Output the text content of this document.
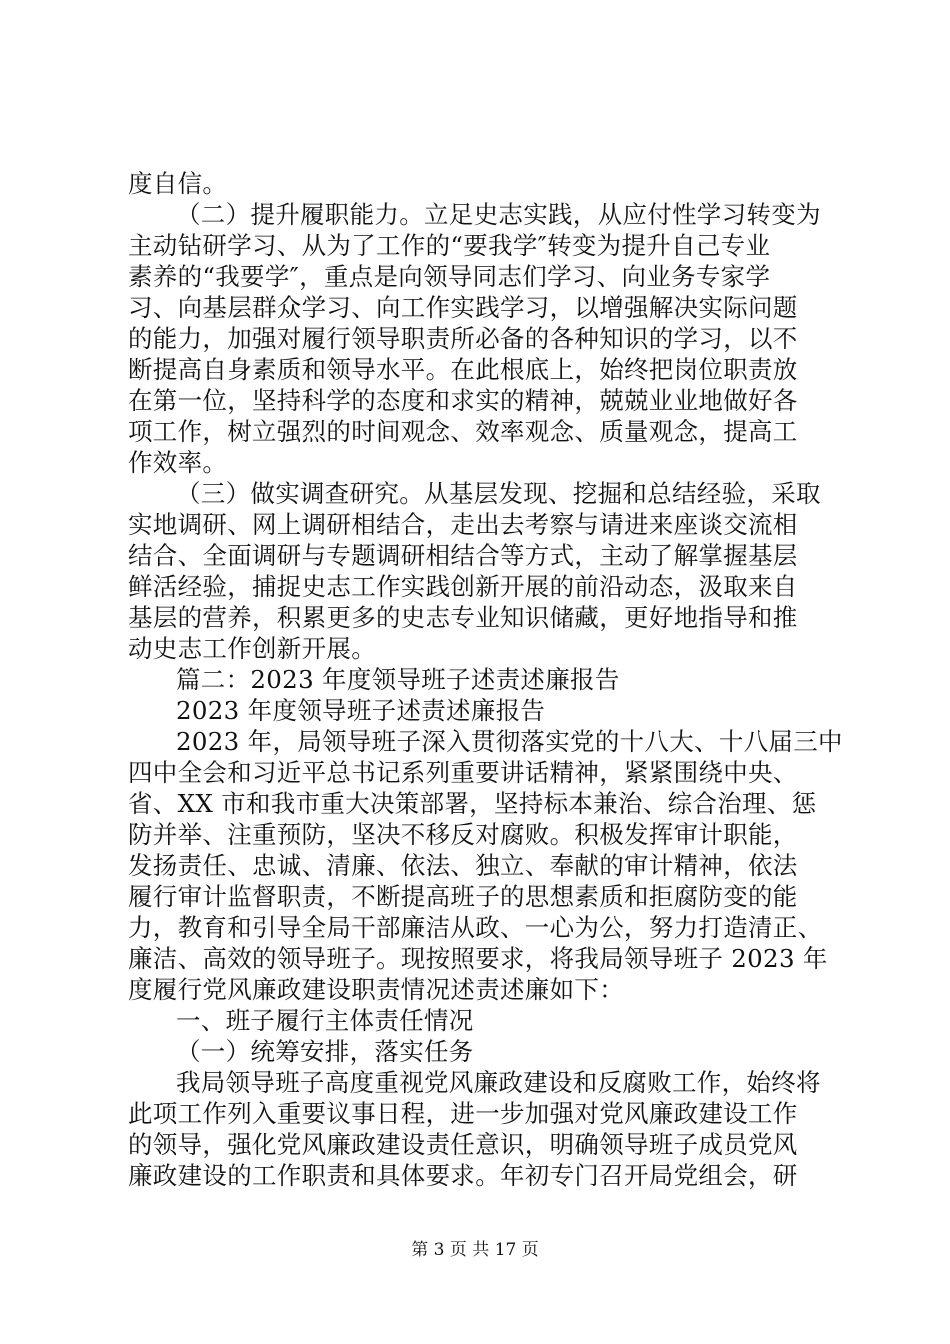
度自信。
（二）提升履职能力。立足史志实践，从应付性学习转变为
主动钻研学习、从为了工作的“要我学″转变为提升自己专业
素养的“我要学″，重点是向领导同志们学习、向业务专家学
习、向基层群众学习、向工作实践学习，以增强解决实际问题
的能力，加强对履行领导职责所必备的各种知识的学习，以不
断提高自身素质和领导水平。在此根底上，始终把岗位职责放
在第一位，坚持科学的态度和求实的精神，兢兢业业地做好各
项工作，树立强烈的时间观念、效率观念、质量观念，提高工
作效率。
（三）做实调查研究。从基层发现、挖掘和总结经验，采取
实地调研、网上调研相结合，走出去考察与请进来座谈交流相
结合、全面调研与专题调研相结合等方式，主动了解掌握基层
鲜活经验，捕捉史志工作实践创新开展的前沿动态，汲取来自
基层的营养，积累更多的史志专业知识储藏，更好地指导和推
动史志工作创新开展。
篇二：2023 年度领导班子述责述廉报告
2023 年度领导班子述责述廉报告
2023 年，局领导班子深入贯彻落实党的十八大、十八届三中
四中全会和习近平总书记系列重要讲话精神，紧紧围绕中央、
省、XX 市和我市重大决策部署，坚持标本兼治、综合治理、惩
防并举、注重预防，坚决不移反对腐败。积极发挥审计职能，
发扬责任、忠诚、清廉、依法、独立、奉献的审计精神，依法
履行审计监督职责，不断提高班子的思想素质和拒腐防变的能
力，教育和引导全局干部廉洁从政、一心为公，努力打造清正、
廉洁、高效的领导班子。现按照要求，将我局领导班子 2023 年
度履行党风廉政建设职责情况述责述廉如下：
一、班子履行主体责任情况
（一）统筹安排，落实任务
我局领导班子高度重视党风廉政建设和反腐败工作，始终将
此项工作列入重要议事日程，进一步加强对党风廉政建设工作
的领导，强化党风廉政建设责任意识，明确领导班子成员党风
廉政建设的工作职责和具体要求。年初专门召开局党组会，研
第 3 页 共 17 页
